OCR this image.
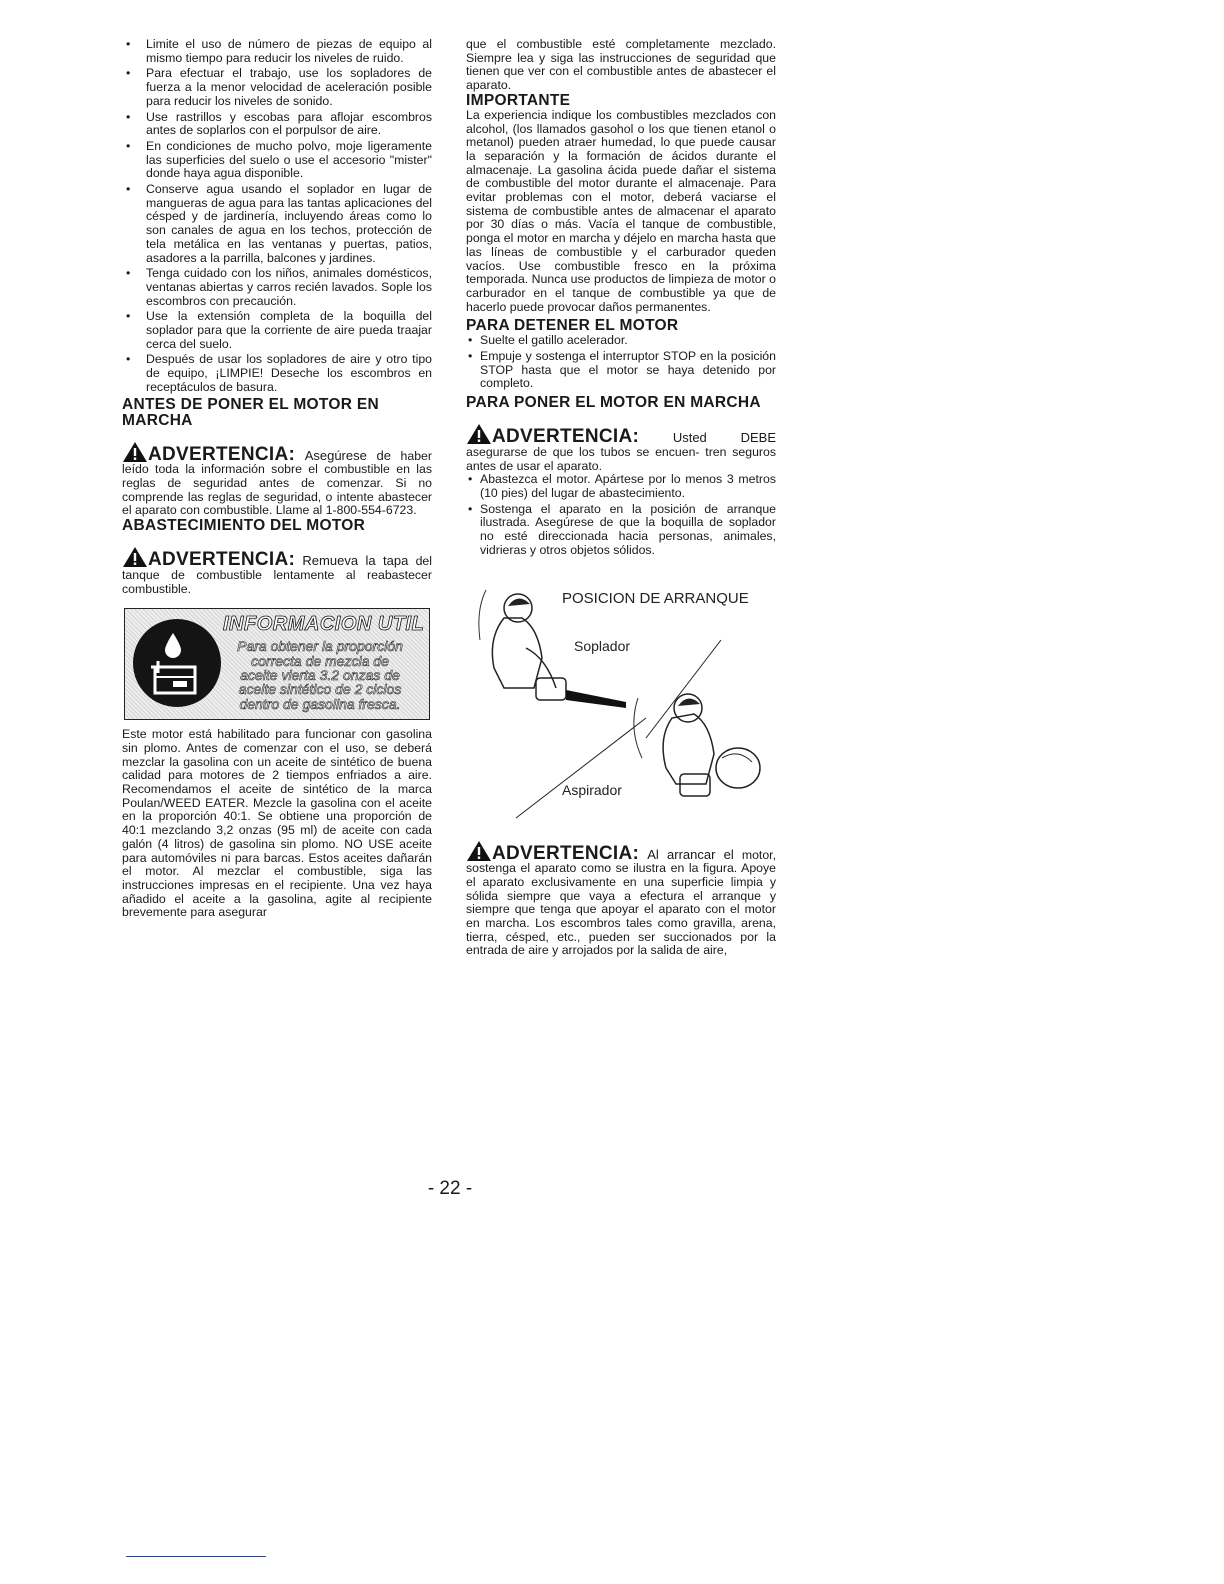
• Limite el uso de número de piezas de equipo al mismo tiempo para reducir los niveles de ruido.
• Para efectuar el trabajo, use los sopladores de fuerza a la menor velocidad de aceleración posible para reducir los niveles de sonido.
• Use rastrillos y escobas para aflojar escombros antes de soplarlos con el porpulsor de aire.
• En condiciones de mucho polvo, moje ligeramente las superficies del suelo o use el accesorio "mister" donde haya agua disponible.
• Conserve agua usando el soplador en lugar de mangueras de agua para las tantas aplicaciones del césped y de jardinería, incluyendo áreas como lo son canales de agua en los techos, protección de tela metálica en las ventanas y puertas, patios, asadores a la parrilla, balcones y jardines.
• Tenga cuidado con los niños, animales domésticos, ventanas abiertas y carros recién lavados. Sople los escombros con precaución.
• Use la extensión completa de la boquilla del soplador para que la corriente de aire pueda traajar cerca del suelo.
• Después de usar los sopladores de aire y otro tipo de equipo, ¡LIMPIE! Deseche los escombros en receptáculos de basura.
ANTES DE PONER EL MOTOR EN MARCHA

ADVERTENCIA: Asegúrese de haber leído toda la información sobre el combustible en las reglas de seguridad antes de comenzar. Si no comprende las reglas de seguridad, o intente abastecer el aparato con combustible. Llame al 1-800-554-6723.

ABASTECIMIENTO DEL MOTOR

ADVERTENCIA: Remueva la tapa del tanque de combustible lentamente al reabastecer combustible.

INFORMACION UTIL
Para obtener la proporción
correcta de mezcla de
aceite vierta 3.2 onzas de
aceite sintético de 2 ciclos
dentro de gasolina fresca.

Este motor está habilitado para funcionar con gasolina sin plomo. Antes de comenzar con el uso, se deberá mezclar la gasolina con un aceite de sintético de buena calidad para motores de 2 tiempos enfriados a aire. Recomendamos el aceite de sintético de la marca Poulan/WEED EATER. Mezcle la gasolina con el aceite en la proporción 40:1. Se obtiene una proporción de 40:1 mezclando 3,2 onzas (95 ml) de aceite con cada galón (4 litros) de gasolina sin plomo. NO USE aceite para automóviles ni para barcas. Estos aceites dañarán el motor. Al mezclar el combustible, siga las instrucciones impresas en el recipiente. Una vez haya añadido el aceite a la gasolina, agite al recipiente brevemente para asegurar

que el combustible esté completamente mezclado. Siempre lea y siga las instrucciones de seguridad que tienen que ver con el combustible antes de abastecer el aparato.

IMPORTANTE

La experiencia indique los combustibles mezclados con alcohol, (los llamados gasohol o los que tienen etanol o metanol) pueden atraer humedad, lo que puede causar la separación y la formación de ácidos durante el almacenaje. La gasolina ácida puede dañar el sistema de combustible del motor durante el almacenaje. Para evitar problemas con el motor, deberá vaciarse el sistema de combustible antes de almacenar el aparato por 30 días o más. Vacía el tanque de combustible, ponga el motor en marcha y déjelo en marcha hasta que las líneas de combustible y el carburador queden vacíos. Use combustible fresco en la próxima temporada. Nunca use productos de limpieza de motor o carburador en el tanque de combustible ya que de hacerlo puede provocar daños permanentes.

PARA DETENER EL MOTOR
• Suelte el gatillo acelerador.
• Empuje y sostenga el interruptor STOP en la posición STOP hasta que el motor se haya detenido por completo.
PARA PONER EL MOTOR EN MARCHA

ADVERTENCIA:	Usted DEBE asegurarse de que los tubos se encuen- tren seguros antes de usar el aparato.

• Abastezca el motor. Apártese por lo menos 3 metros (10 pies) del lugar de abastecimiento.
• Sostenga el aparato en la posición de arranque ilustrada. Asegúrese de que la boquilla de soplador no esté direccionada hacia personas, animales, vidrieras y otros objetos sólidos.
POSICION DE ARRANQUE
Soplador
Aspirador

ADVERTENCIA: Al arrancar el motor, sostenga el aparato como se ilustra en la figura. Apoye el aparato exclusivamente en una superficie limpia y sólida siempre que vaya a efectura el arranque y siempre que tenga que apoyar el aparato con el motor en marcha. Los escombros tales como gravilla, arena, tierra, césped, etc., pueden ser succionados por la entrada de aire y arrojados por la salida de aire,

- 22 -
